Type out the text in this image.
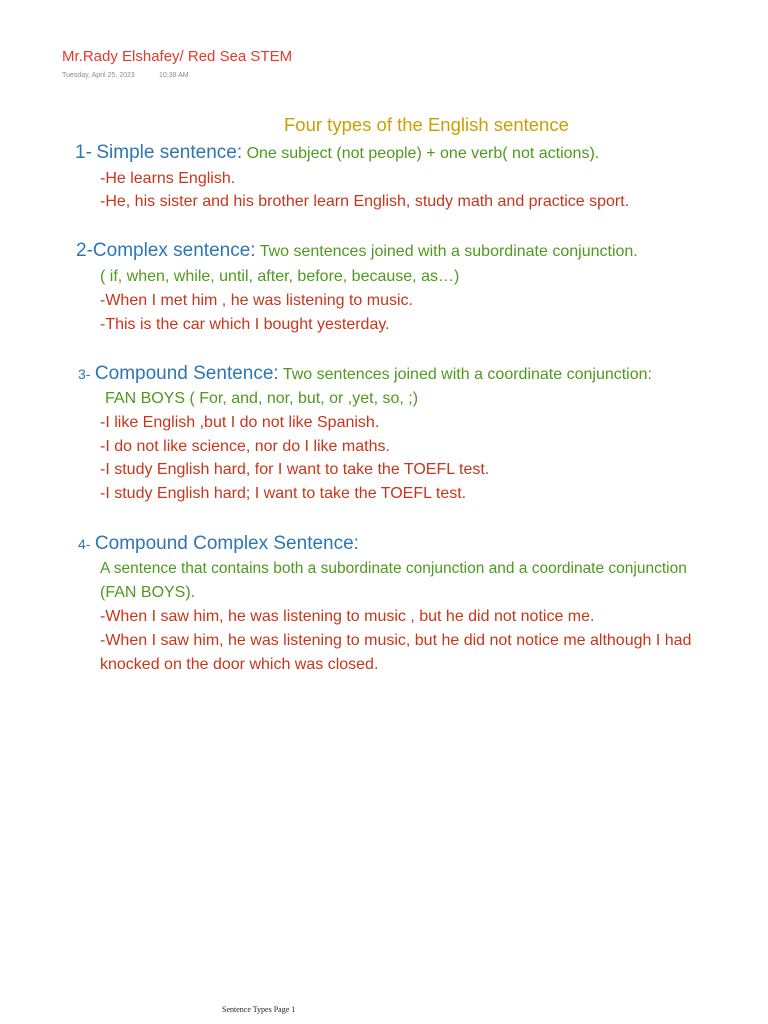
Mr.Rady Elshafey/ Red Sea STEM
Tuesday, April 25, 2023	10:38 AM
Four types of the English sentence
1- Simple sentence: One subject (not people) + one verb( not actions).
-He learns English.
-He, his sister and his brother learn English, study math and practice sport.
2-Complex sentence: Two sentences joined with a subordinate conjunction.
( if, when, while, until, after, before, because, as…)
-When I met him , he was listening to music.
-This is the car which I bought yesterday.
3- Compound Sentence: Two sentences joined with a coordinate conjunction:
FAN BOYS ( For, and, nor, but, or ,yet, so, ;)
-I like English ,but I do not like Spanish.
-I do not like science, nor do I like maths.
-I study English hard, for I want to take the TOEFL test.
-I study English hard; I want to take the TOEFL test.
4- Compound Complex Sentence:
A sentence that contains both a subordinate conjunction and a coordinate conjunction
(FAN BOYS).
-When I saw him, he was listening to music , but he did not notice me.
-When I saw him, he was listening to music, but he did not notice me although I had
knocked on the door which was closed.
Sentence Types Page 1
